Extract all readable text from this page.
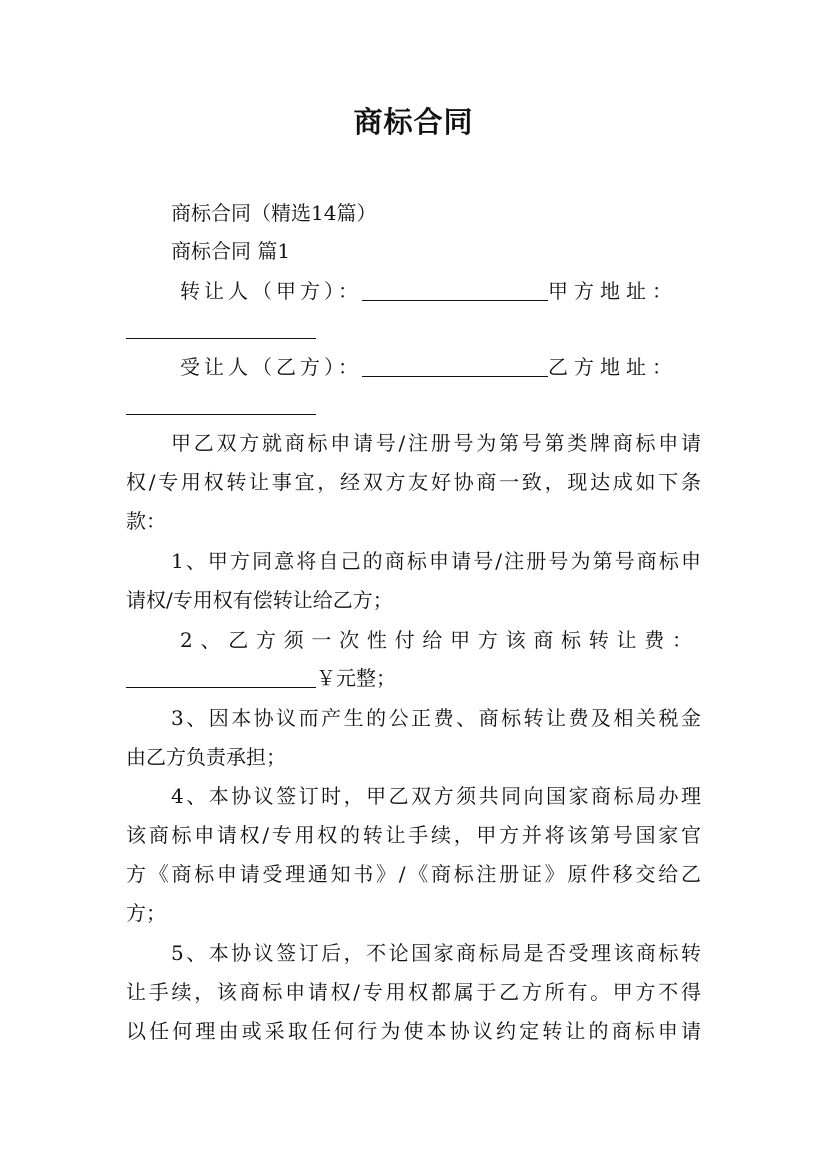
商标合同
商标合同（精选14篇）
商标合同 篇1
转让人（甲方）：	甲方地址：
受让人（乙方）：	乙方地址：
甲乙双方就商标申请号/注册号为第号第类牌商标申请
权/专用权转让事宜，经双方友好协商一致，现达成如下条
款：
1、甲方同意将自己的商标申请号/注册号为第号商标申
请权/专用权有偿转让给乙方；
2、乙方须一次性付给甲方该商标转让费：
￥元整；
3、因本协议而产生的公正费、商标转让费及相关税金
由乙方负责承担；
4、本协议签订时，甲乙双方须共同向国家商标局办理
该商标申请权/专用权的转让手续，甲方并将该第号国家官
方《商标申请受理通知书》/《商标注册证》原件移交给乙
方；
5、本协议签订后，不论国家商标局是否受理该商标转
让手续，该商标申请权/专用权都属于乙方所有。甲方不得
以任何理由或采取任何行为使本协议约定转让的商标申请
